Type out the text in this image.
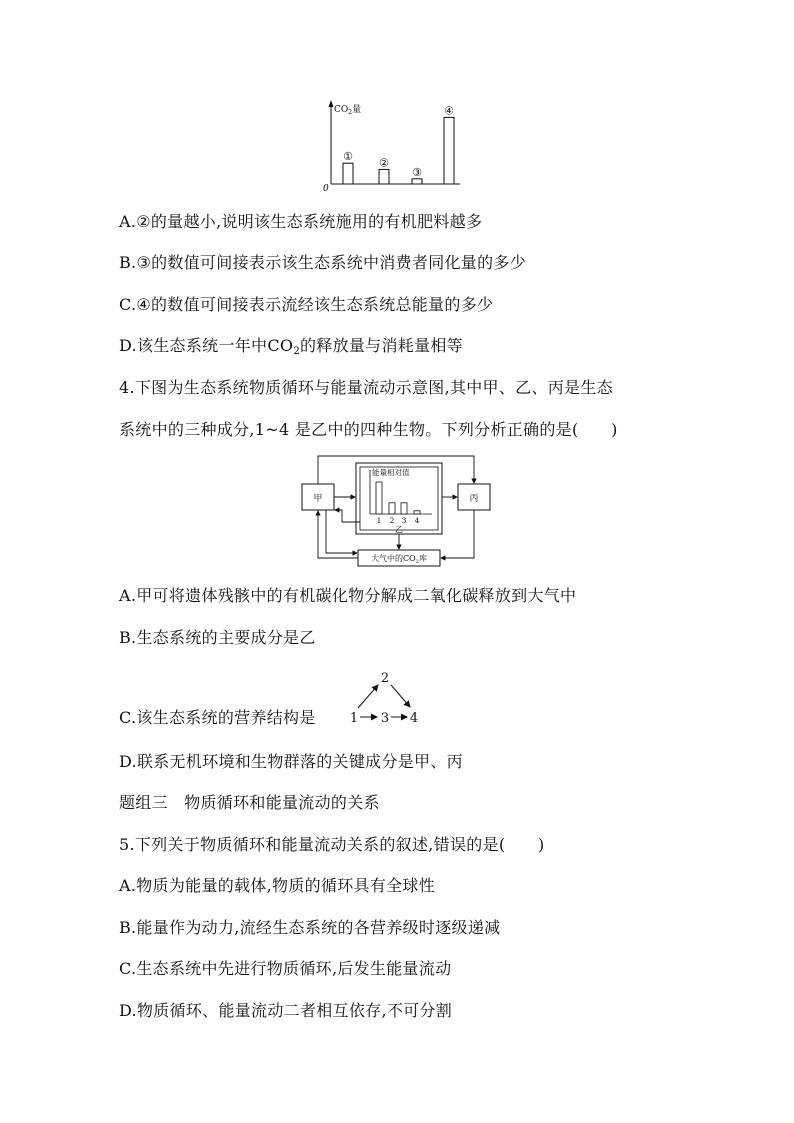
$CO_2$量
0
① ②
③
④
A.②的量越小,说明该生态系统施用的有机肥料越多
B.③的数值可间接表示该生态系统中消费者同化量的多少
C.④的数值可间接表示流经该生态系统总能量的多少
D.该生态系统一年中$CO_2$的释放量与消耗量相等
4.下图为生态系统物质循环与能量流动示意图,其中甲、乙、丙是生态
系统中的三种成分,1~4 是乙中的四种生物。下列分析正确的是(　　)
甲	丙
大气中的$CO_2$库
能量相对值
1 2 3 4
乙
A.甲可将遗体残骸中的有机碳化物分解成二氧化碳释放到大气中
B.生态系统的主要成分是乙
C.该生态系统的营养结构是
2
1 3 4
D.联系无机环境和生物群落的关键成分是甲、丙
题组三　物质循环和能量流动的关系
5.下列关于物质循环和能量流动关系的叙述,错误的是(　　)
A.物质为能量的载体,物质的循环具有全球性
B.能量作为动力,流经生态系统的各营养级时逐级递减
C.生态系统中先进行物质循环,后发生能量流动
D.物质循环、能量流动二者相互依存,不可分割
